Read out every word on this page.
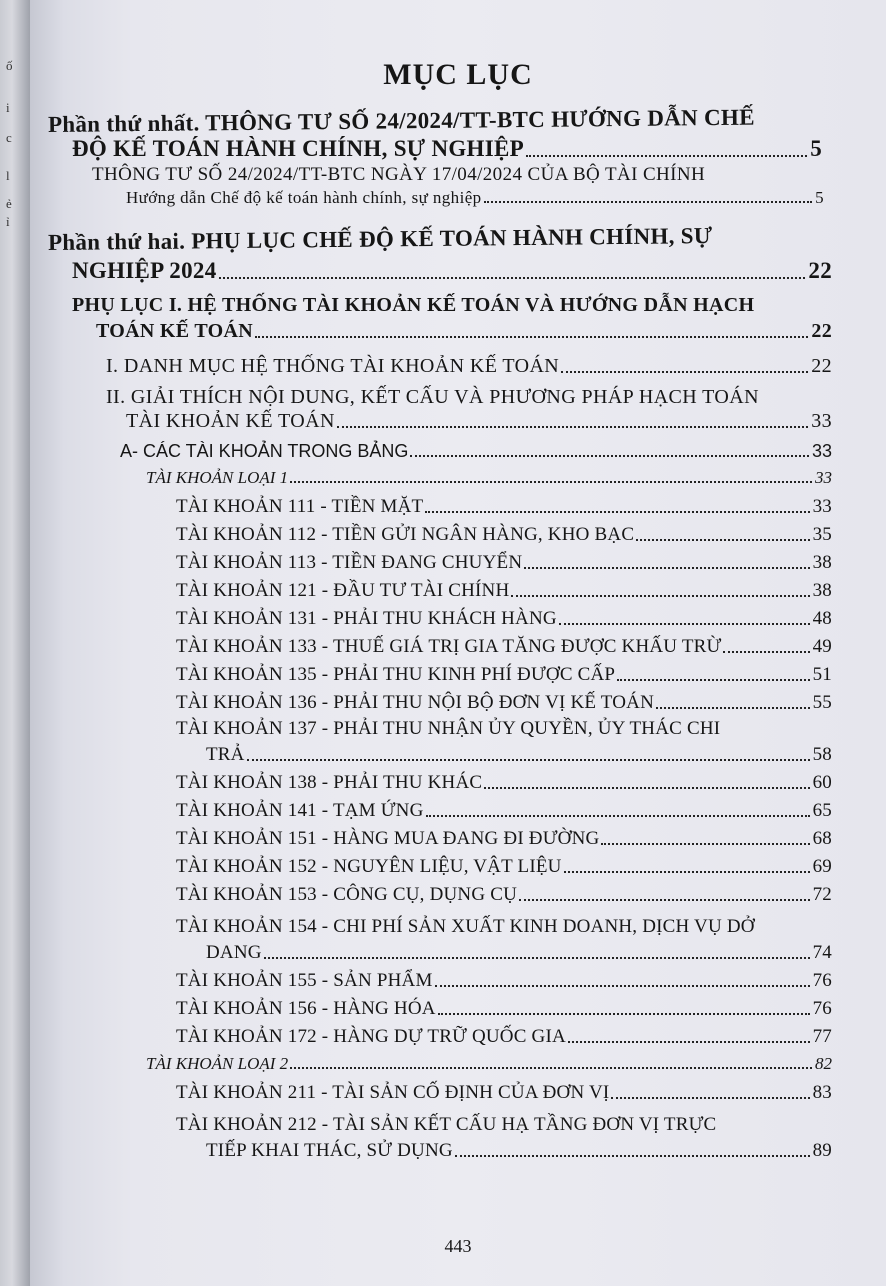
ố
i
c
l
ẻ
ỉ
MỤC LỤC
Phần thứ nhất. THÔNG TƯ SỐ 24/2024/TT-BTC HƯỚNG DẪN CHẾ
ĐỘ KẾ TOÁN HÀNH CHÍNH, SỰ NGHIỆP	5
THÔNG TƯ SỐ 24/2024/TT-BTC NGÀY 17/04/2024 CỦA BỘ TÀI CHÍNH
Hướng dẫn Chế độ kế toán hành chính, sự nghiệp	5
Phần thứ hai. PHỤ LỤC CHẾ ĐỘ KẾ TOÁN HÀNH CHÍNH, SỰ
NGHIỆP 2024	22
PHỤ LỤC I. HỆ THỐNG TÀI KHOẢN KẾ TOÁN VÀ HƯỚNG DẪN HẠCH
TOÁN KẾ TOÁN	22
I. DANH MỤC HỆ THỐNG TÀI KHOẢN KẾ TOÁN	22
II. GIẢI THÍCH NỘI DUNG, KẾT CẤU VÀ PHƯƠNG PHÁP HẠCH TOÁN
TÀI KHOẢN KẾ TOÁN	33
A- CÁC TÀI KHOẢN TRONG BẢNG	33
TÀI KHOẢN LOẠI 1	33
TÀI KHOẢN 111 - TIỀN MẶT	33
TÀI KHOẢN 112 - TIỀN GỬI NGÂN HÀNG, KHO BẠC	35
TÀI KHOẢN 113 - TIỀN ĐANG CHUYỂN	38
TÀI KHOẢN 121 - ĐẦU TƯ TÀI CHÍNH	38
TÀI KHOẢN 131 - PHẢI THU KHÁCH HÀNG	48
TÀI KHOẢN 133 - THUẾ GIÁ TRỊ GIA TĂNG ĐƯỢC KHẤU TRỪ	49
TÀI KHOẢN 135 - PHẢI THU KINH PHÍ ĐƯỢC CẤP	51
TÀI KHOẢN 136 - PHẢI THU NỘI BỘ ĐƠN VỊ KẾ TOÁN	55
TÀI KHOẢN 137 - PHẢI THU NHẬN ỦY QUYỀN, ỦY THÁC CHI
TRẢ	58
TÀI KHOẢN 138 - PHẢI THU KHÁC	60
TÀI KHOẢN 141 - TẠM ỨNG	65
TÀI KHOẢN 151 - HÀNG MUA ĐANG ĐI ĐƯỜNG	68
TÀI KHOẢN 152 - NGUYÊN LIỆU, VẬT LIỆU	69
TÀI KHOẢN 153 - CÔNG CỤ, DỤNG CỤ	72
TÀI KHOẢN 154 - CHI PHÍ SẢN XUẤT KINH DOANH, DỊCH VỤ DỞ
DANG	74
TÀI KHOẢN 155 - SẢN PHẨM	76
TÀI KHOẢN 156 - HÀNG HÓA	76
TÀI KHOẢN 172 - HÀNG DỰ TRỮ QUỐC GIA	77
TÀI KHOẢN LOẠI 2	82
TÀI KHOẢN 211 - TÀI SẢN CỐ ĐỊNH CỦA ĐƠN VỊ	83
TÀI KHOẢN 212 - TÀI SẢN KẾT CẤU HẠ TẦNG ĐƠN VỊ TRỰC
TIẾP KHAI THÁC, SỬ DỤNG	89
443
